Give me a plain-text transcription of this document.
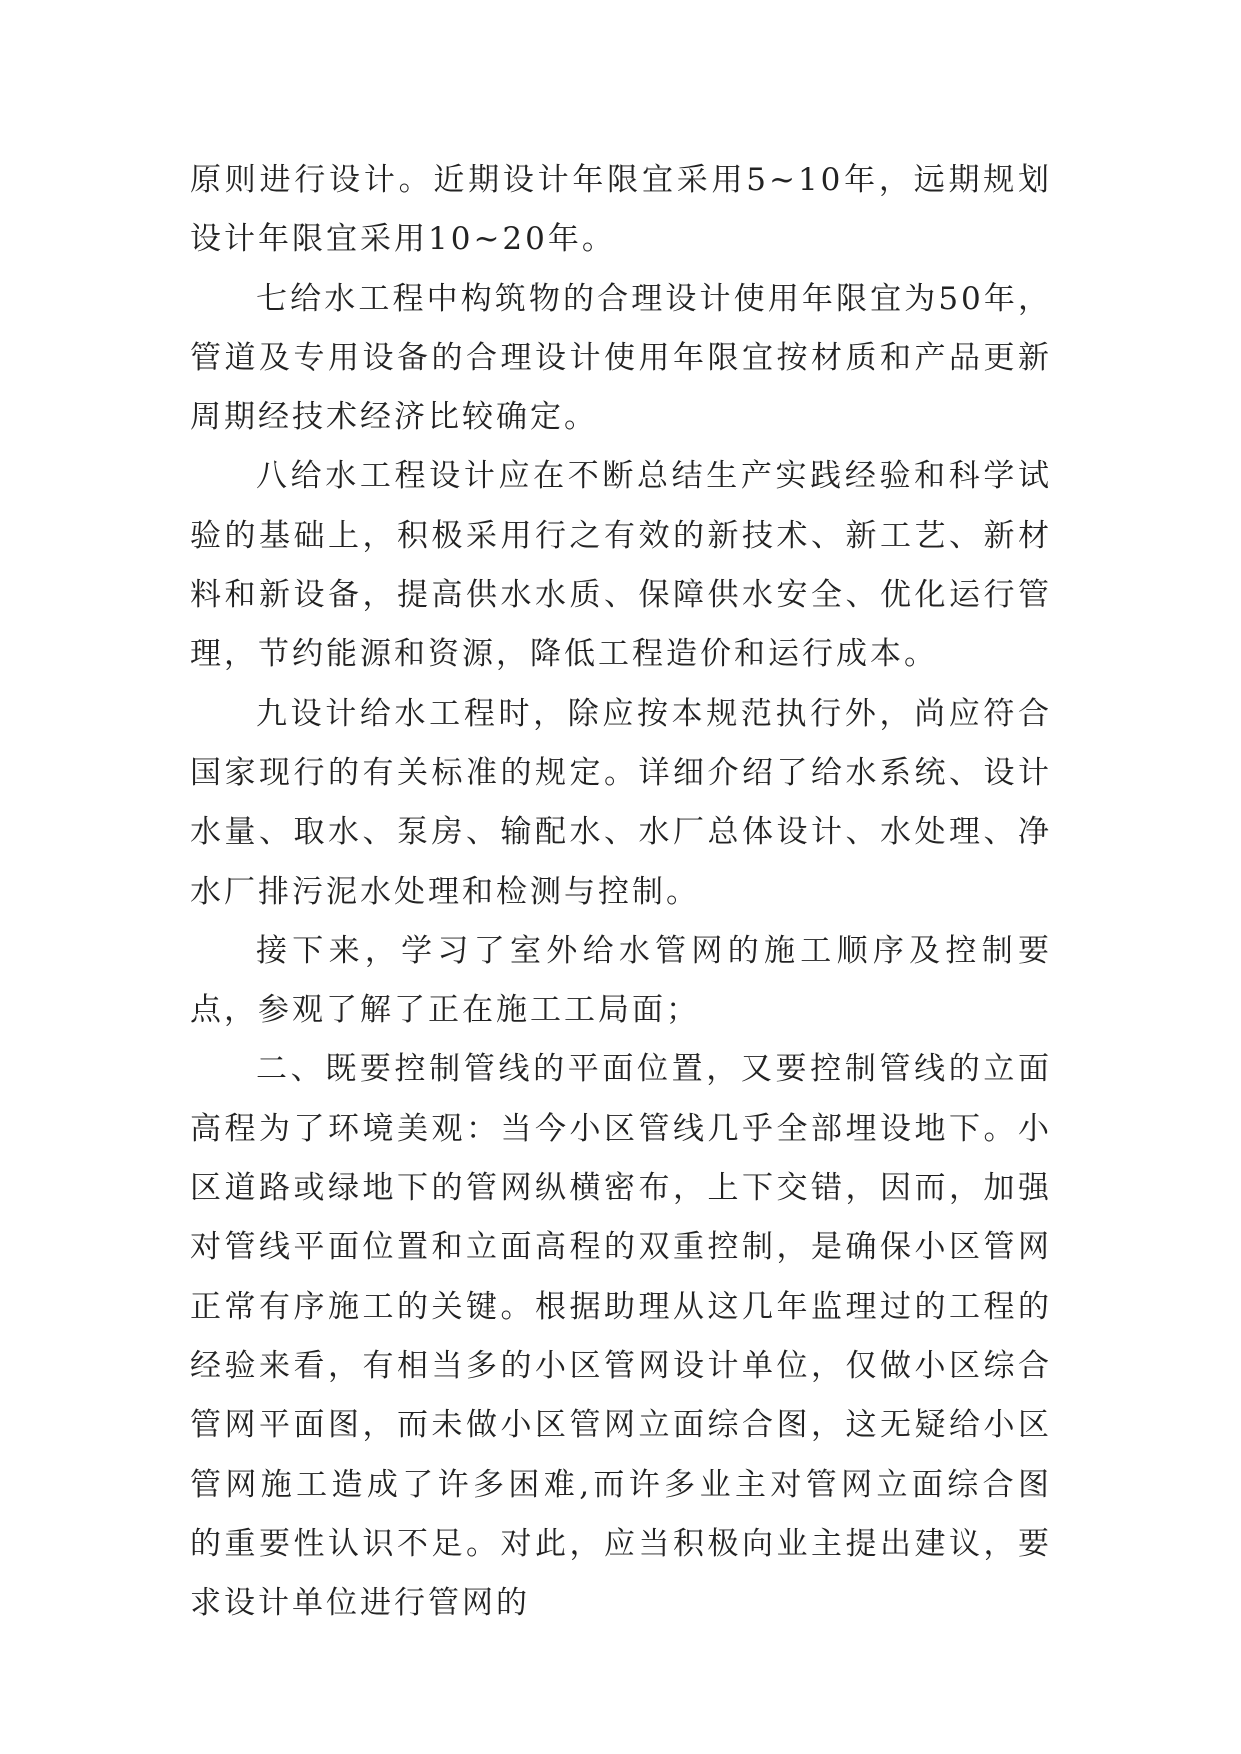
原则进行设计。近期设计年限宜采用5~10年，远期规划设计年限宜采用10~20年。

七给水工程中构筑物的合理设计使用年限宜为50年，管道及专用设备的合理设计使用年限宜按材质和产品更新周期经技术经济比较确定。

八给水工程设计应在不断总结生产实践经验和科学试验的基础上，积极采用行之有效的新技术、新工艺、新材料和新设备，提高供水水质、保障供水安全、优化运行管理，节约能源和资源，降低工程造价和运行成本。

九设计给水工程时，除应按本规范执行外，尚应符合国家现行的有关标准的规定。详细介绍了给水系统、设计水量、取水、泵房、输配水、水厂总体设计、水处理、净水厂排污泥水处理和检测与控制。

接下来，学习了室外给水管网的施工顺序及控制要点，参观了解了正在施工工局面；

二、既要控制管线的平面位置，又要控制管线的立面高程为了环境美观：当今小区管线几乎全部埋设地下。小区道路或绿地下的管网纵横密布，上下交错，因而，加强对管线平面位置和立面高程的双重控制，是确保小区管网正常有序施工的关键。根据助理从这几年监理过的工程的经验来看，有相当多的小区管网设计单位，仅做小区综合管网平面图，而未做小区管网立面综合图，这无疑给小区管网施工造成了许多困难,而许多业主对管网立面综合图的重要性认识不足。对此，应当积极向业主提出建议，要求设计单位进行管网的
